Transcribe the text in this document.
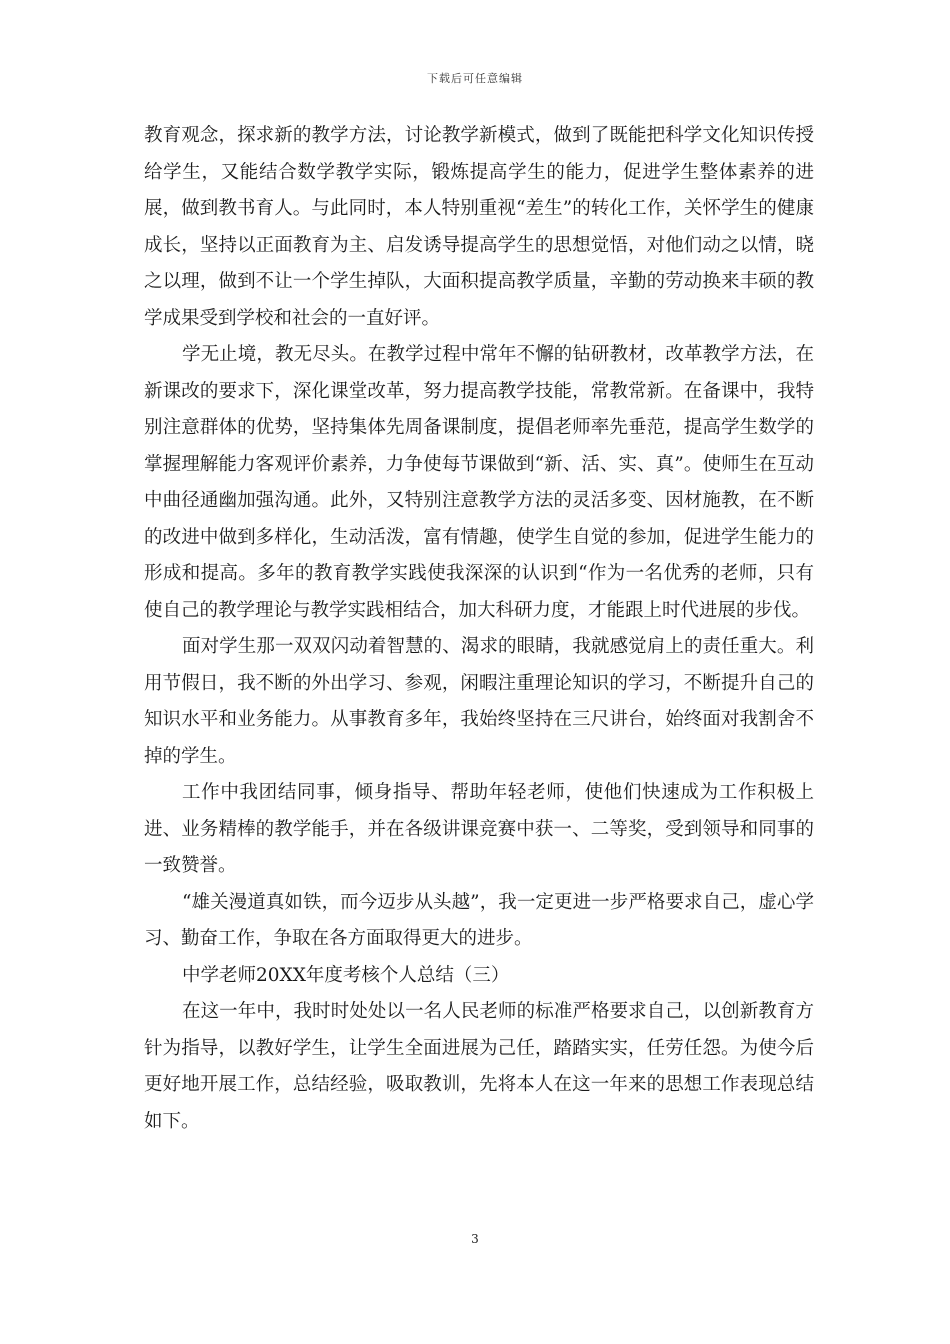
下载后可任意编辑

教育观念，探求新的教学方法，讨论教学新模式，做到了既能把科学文化知识传授给学生，又能结合数学教学实际，锻炼提高学生的能力，促进学生整体素养的进展，做到教书育人。与此同时，本人特别重视“差生”的转化工作，关怀学生的健康成长，坚持以正面教育为主、启发诱导提高学生的思想觉悟，对他们动之以情，晓之以理，做到不让一个学生掉队，大面积提高教学质量，辛勤的劳动换来丰硕的教学成果受到学校和社会的一直好评。

学无止境，教无尽头。在教学过程中常年不懈的钻研教材，改革教学方法，在新课改的要求下，深化课堂改革，努力提高教学技能，常教常新。在备课中，我特别注意群体的优势，坚持集体先周备课制度，提倡老师率先垂范，提高学生数学的掌握理解能力客观评价素养，力争使每节课做到“新、活、实、真”。使师生在互动中曲径通幽加强沟通。此外，又特别注意教学方法的灵活多变、因材施教，在不断的改进中做到多样化，生动活泼，富有情趣，使学生自觉的参加，促进学生能力的形成和提高。多年的教育教学实践使我深深的认识到“作为一名优秀的老师，只有使自己的教学理论与教学实践相结合，加大科研力度，才能跟上时代进展的步伐。

面对学生那一双双闪动着智慧的、渴求的眼睛，我就感觉肩上的责任重大。利用节假日，我不断的外出学习、参观，闲暇注重理论知识的学习，不断提升自己的知识水平和业务能力。从事教育多年，我始终坚持在三尺讲台，始终面对我割舍不掉的学生。

工作中我团结同事，倾身指导、帮助年轻老师，使他们快速成为工作积极上进、业务精棒的教学能手，并在各级讲课竞赛中获一、二等奖，受到领导和同事的一致赞誉。

“雄关漫道真如铁，而今迈步从头越”，我一定更进一步严格要求自己，虚心学习、勤奋工作，争取在各方面取得更大的进步。

中学老师20XX年度考核个人总结（三）

在这一年中，我时时处处以一名人民老师的标准严格要求自己，以创新教育方针为指导，以教好学生，让学生全面进展为己任，踏踏实实，任劳任怨。为使今后更好地开展工作，总结经验，吸取教训，先将本人在这一年来的思想工作表现总结如下。

3
